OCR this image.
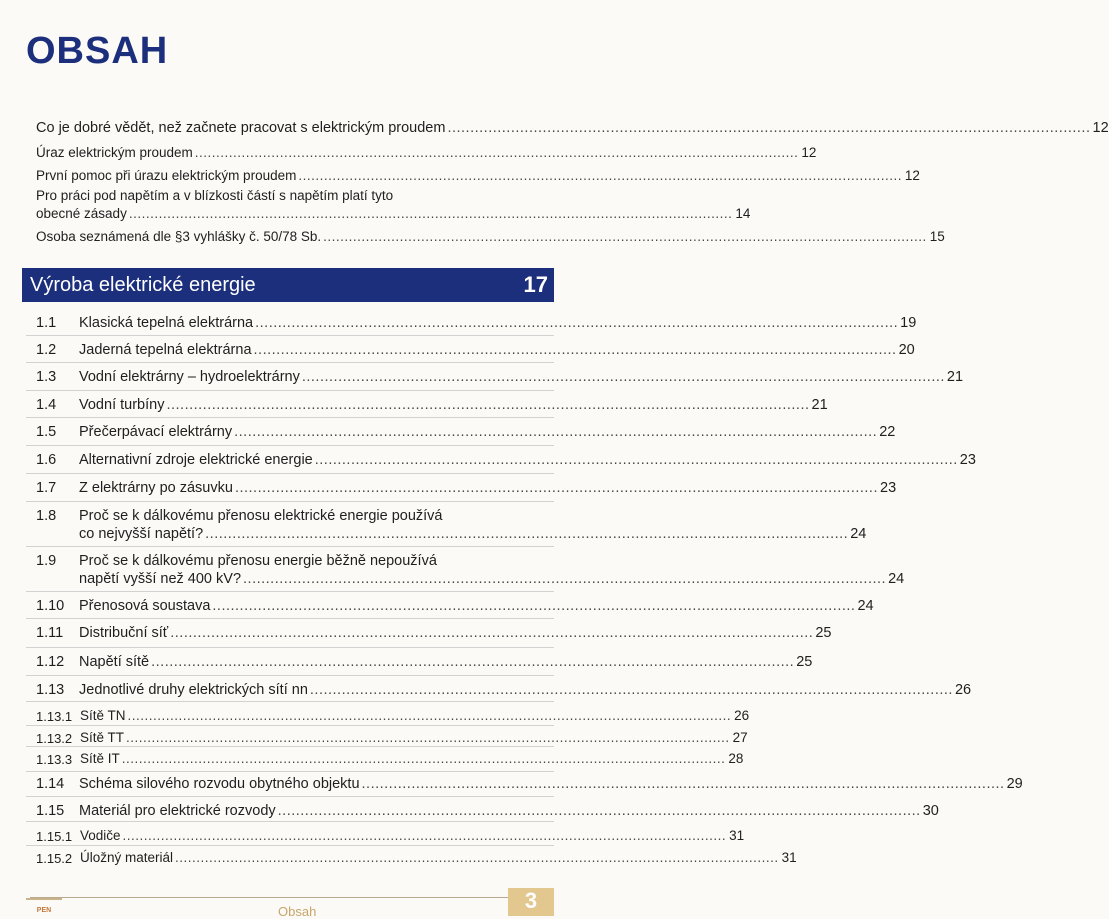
OBSAH
Co je dobré vědět, než začnete pracovat s elektrickým proudem .............................................................................................................................................. 12
Úraz elektrickým proudem .............................................................................................................................................. 12
První pomoc při úrazu elektrickým proudem .............................................................................................................................................. 12
Pro práci pod napětím a v blízkosti částí s napětím platí tyto
obecné zásady .............................................................................................................................................. 14
Osoba seznámená dle §3 vyhlášky č. 50/78 Sb. .............................................................................................................................................. 15
Výroba elektrické energie	17
1.1 Klasická tepelná elektrárna .............................................................................................................................................. 19
1.2 Jaderná tepelná elektrárna .............................................................................................................................................. 20
1.3 Vodní elektrárny – hydroelektrárny .............................................................................................................................................. 21
1.4 Vodní turbíny .............................................................................................................................................. 21
1.5 Přečerpávací elektrárny .............................................................................................................................................. 22
1.6 Alternativní zdroje elektrické energie .............................................................................................................................................. 23
1.7 Z elektrárny po zásuvku .............................................................................................................................................. 23
1.8 Proč se k dálkovému přenosu elektrické energie používá
co nejvyšší napětí? .............................................................................................................................................. 24
1.9 Proč se k dálkovému přenosu energie běžně nepoužívá
napětí vyšší než 400 kV? .............................................................................................................................................. 24
1.10 Přenosová soustava .............................................................................................................................................. 24
1.11 Distribuční síť .............................................................................................................................................. 25
1.12 Napětí sítě .............................................................................................................................................. 25
1.13 Jednotlivé druhy elektrických sítí nn .............................................................................................................................................. 26
1.13.1 Sítě TN .............................................................................................................................................. 26
1.13.2 Sítě TT .............................................................................................................................................. 27
1.13.3 Sítě IT .............................................................................................................................................. 28
1.14 Schéma silového rozvodu obytného objektu .............................................................................................................................................. 29
1.15 Materiál pro elektrické rozvody .............................................................................................................................................. 30
1.15.1 Vodiče .............................................................................................................................................. 31
1.15.2 Úložný materiál .............................................................................................................................................. 31
PEN	Obsah	3
